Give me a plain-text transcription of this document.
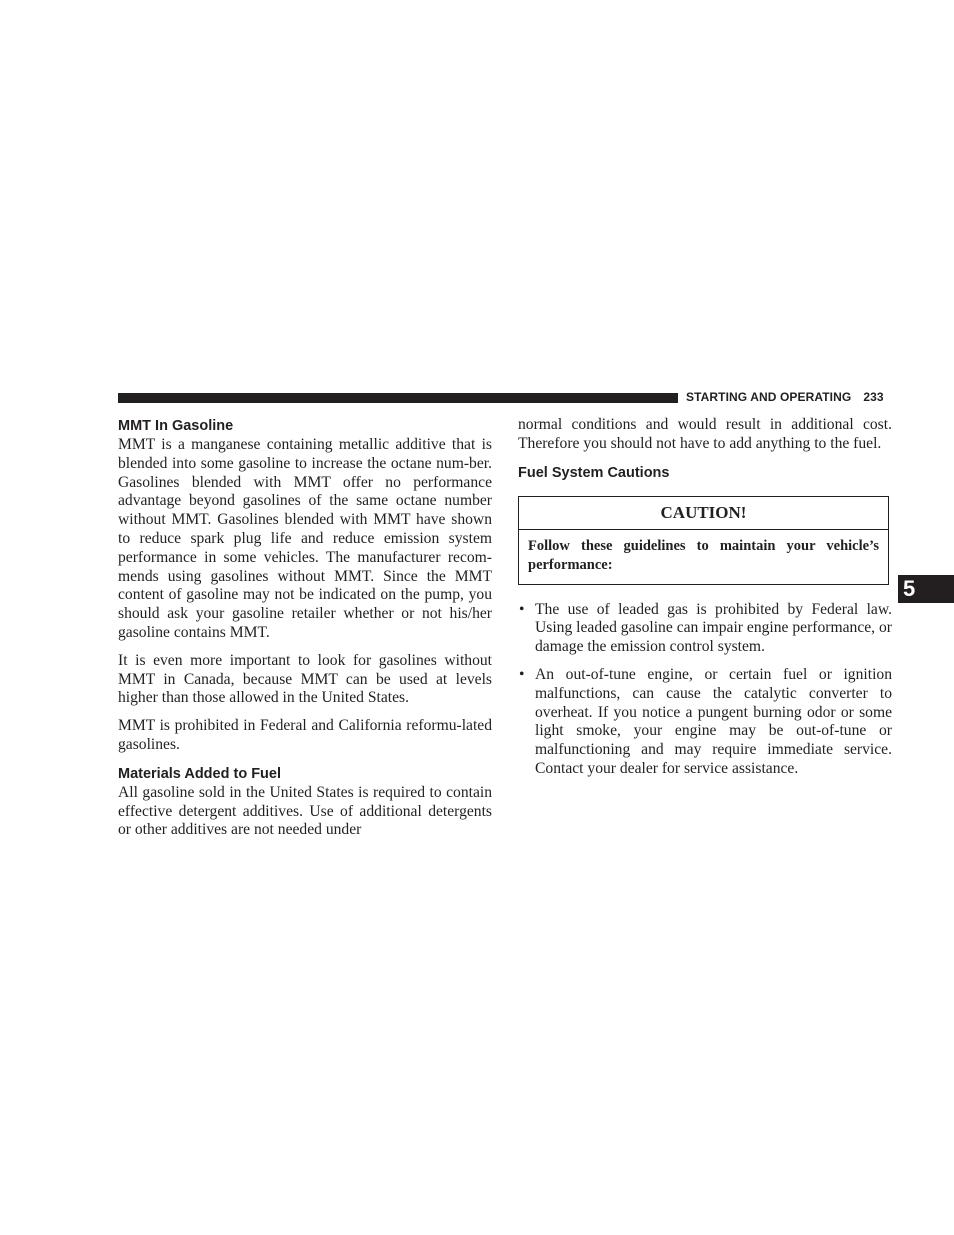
STARTING AND OPERATING 233
5
MMT In Gasoline

MMT is a manganese containing metallic additive that is blended into some gasoline to increase the octane num-ber. Gasolines blended with MMT offer no performance advantage beyond gasolines of the same octane number without MMT. Gasolines blended with MMT have shown to reduce spark plug life and reduce emission system performance in some vehicles. The manufacturer recom-mends using gasolines without MMT. Since the MMT content of gasoline may not be indicated on the pump, you should ask your gasoline retailer whether or not his/her gasoline contains MMT.

It is even more important to look for gasolines without MMT in Canada, because MMT can be used at levels higher than those allowed in the United States.

MMT is prohibited in Federal and California reformu-lated gasolines.

Materials Added to Fuel

All gasoline sold in the United States is required to contain effective detergent additives. Use of additional detergents or other additives are not needed under

normal conditions and would result in additional cost. Therefore you should not have to add anything to the fuel.

Fuel System Cautions
CAUTION!
Follow these guidelines to maintain your vehicle’s performance:
• The use of leaded gas is prohibited by Federal law. Using leaded gasoline can impair engine performance, or damage the emission control system.
• An out-of-tune engine, or certain fuel or ignition malfunctions, can cause the catalytic converter to overheat. If you notice a pungent burning odor or some light smoke, your engine may be out-of-tune or malfunctioning and may require immediate service. Contact your dealer for service assistance.
